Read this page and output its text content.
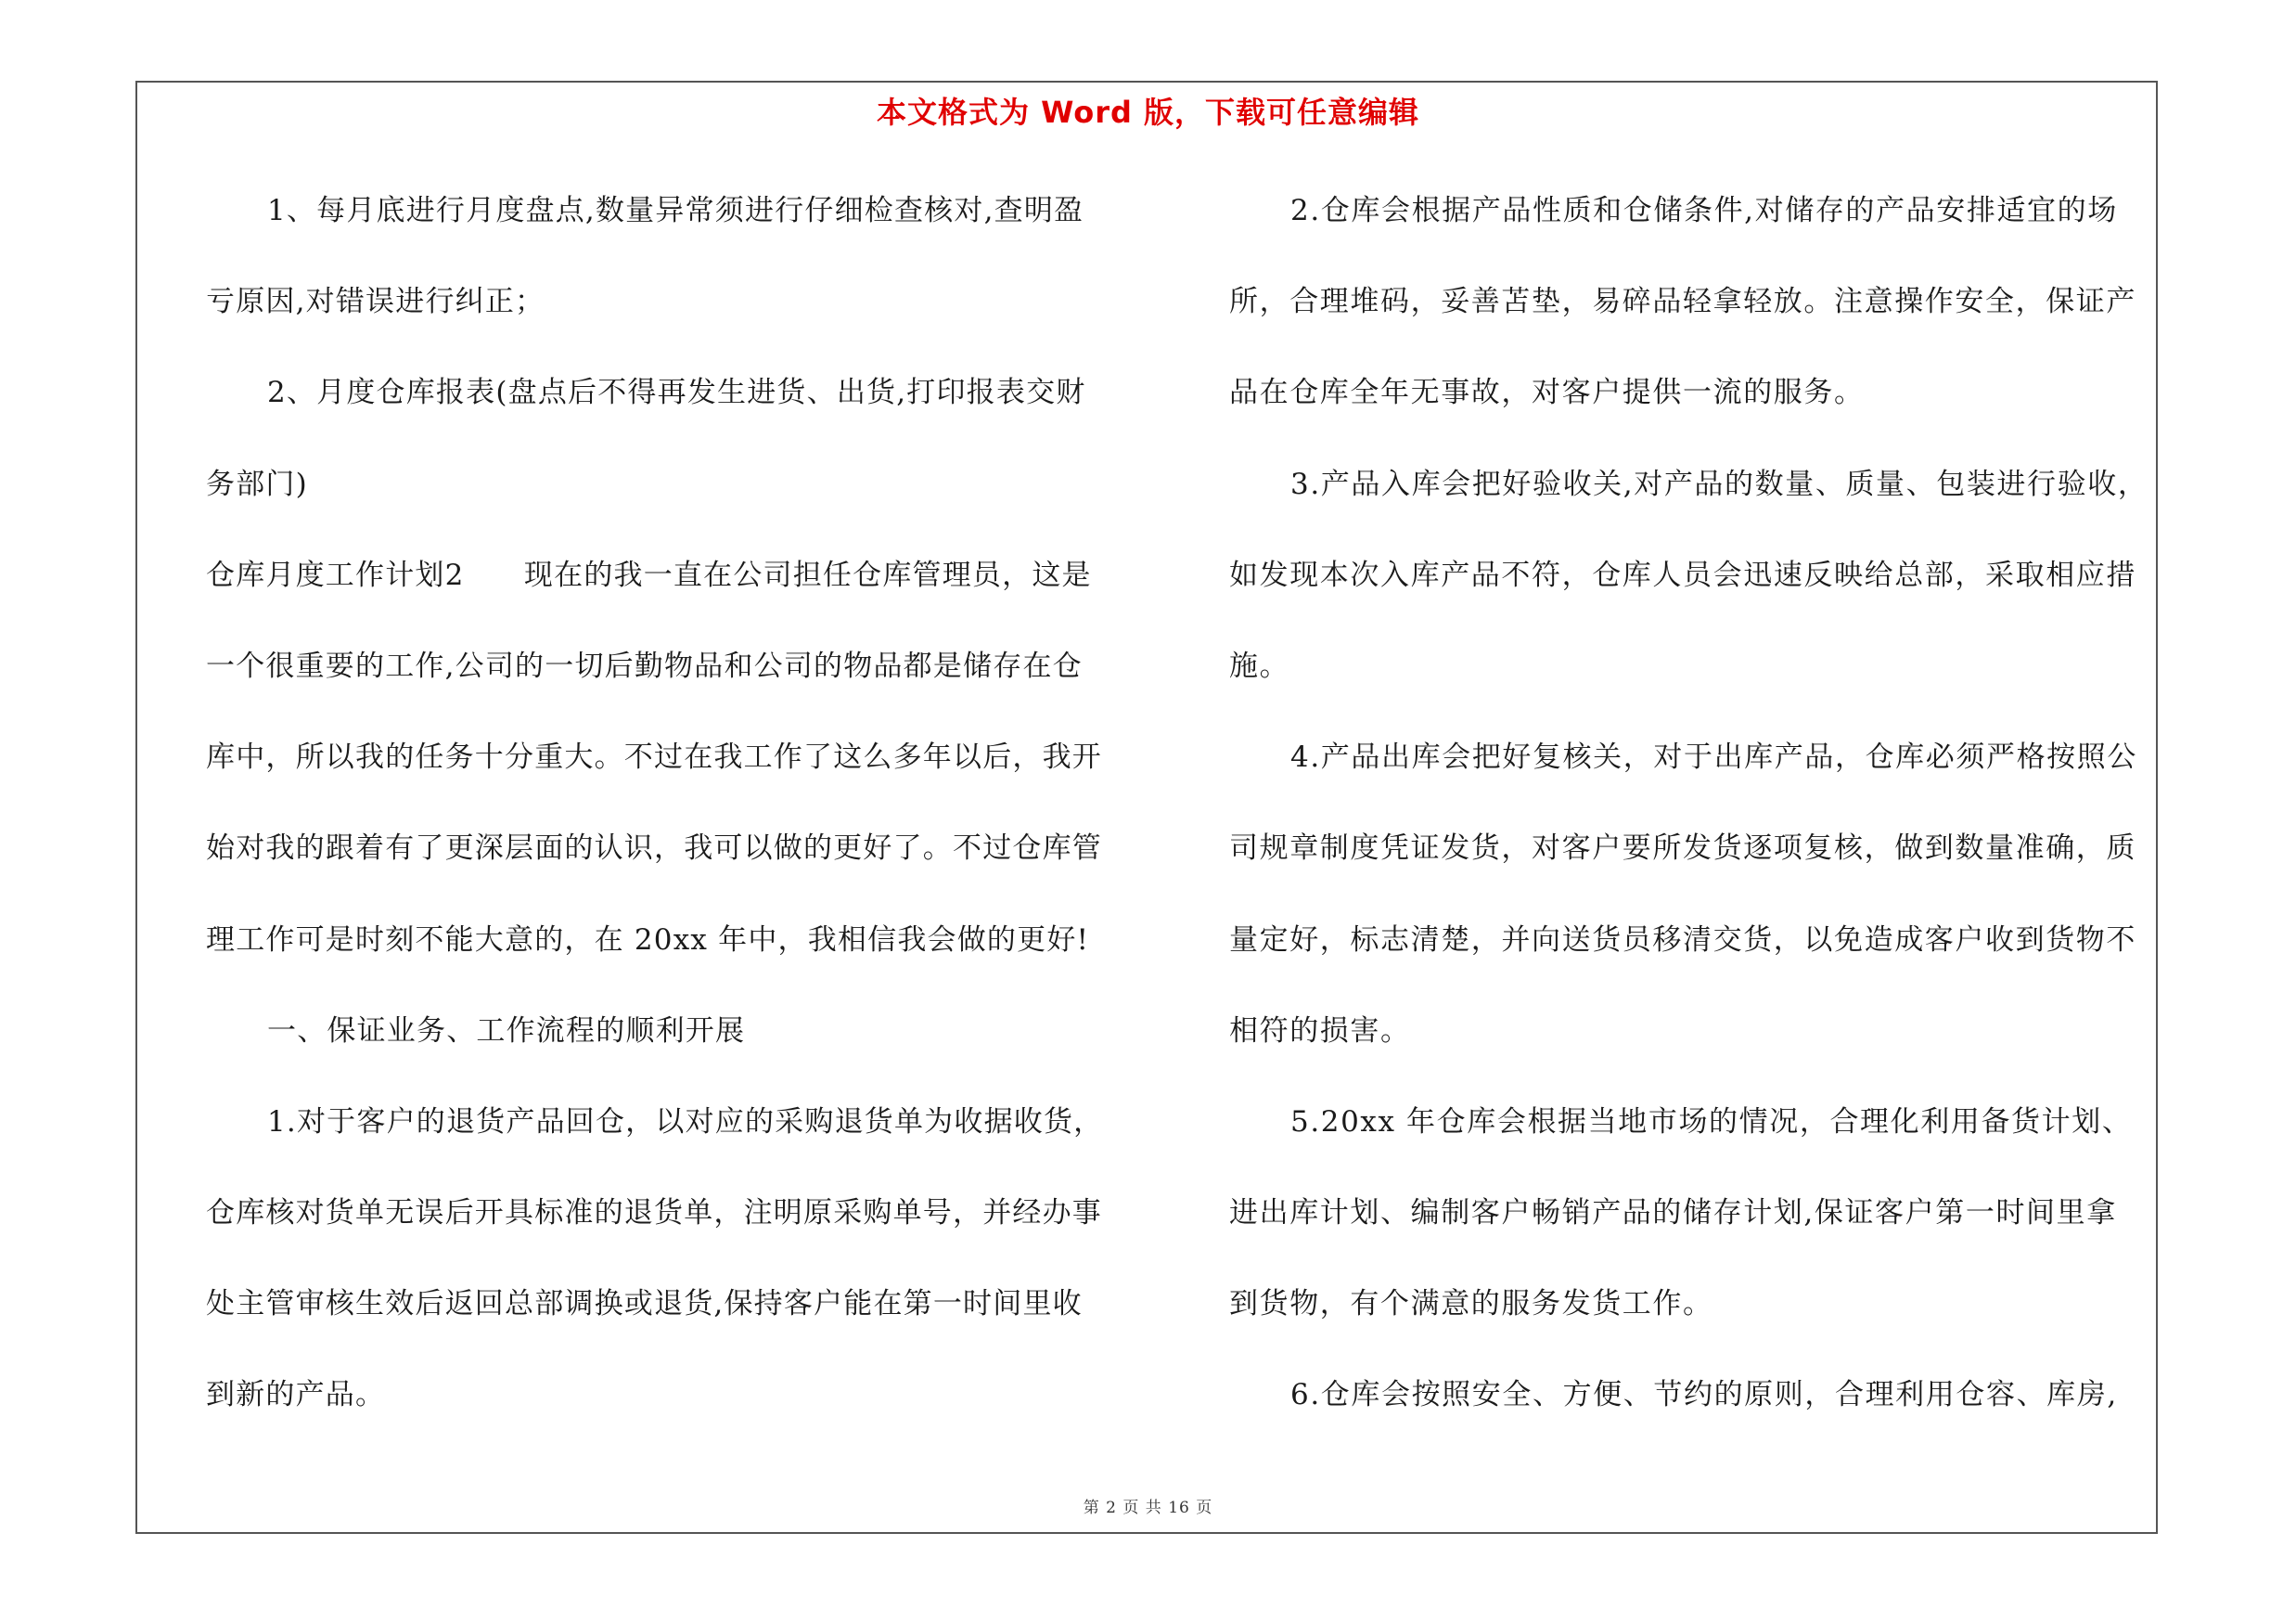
本文格式为 Word 版，下载可任意编辑
1、每月底进行月度盘点,数量异常须进行仔细检查核对,查明盈
亏原因,对错误进行纠正；
2、月度仓库报表(盘点后不得再发生进货、出货,打印报表交财
务部门)
仓库月度工作计划2　　现在的我一直在公司担任仓库管理员，这是
一个很重要的工作,公司的一切后勤物品和公司的物品都是储存在仓
库中，所以我的任务十分重大。不过在我工作了这么多年以后，我开
始对我的跟着有了更深层面的认识，我可以做的更好了。不过仓库管
理工作可是时刻不能大意的，在 20xx 年中，我相信我会做的更好!
一、保证业务、工作流程的顺利开展
1.对于客户的退货产品回仓，以对应的采购退货单为收据收货，
仓库核对货单无误后开具标准的退货单，注明原采购单号，并经办事
处主管审核生效后返回总部调换或退货,保持客户能在第一时间里收
到新的产品。
2.仓库会根据产品性质和仓储条件,对储存的产品安排适宜的场
所，合理堆码，妥善苫垫，易碎品轻拿轻放。注意操作安全，保证产
品在仓库全年无事故，对客户提供一流的服务。
3.产品入库会把好验收关,对产品的数量、质量、包装进行验收，
如发现本次入库产品不符，仓库人员会迅速反映给总部，采取相应措
施。
4.产品出库会把好复核关，对于出库产品，仓库必须严格按照公
司规章制度凭证发货，对客户要所发货逐项复核，做到数量准确，质
量定好，标志清楚，并向送货员移清交货，以免造成客户收到货物不
相符的损害。
5.20xx 年仓库会根据当地市场的情况，合理化利用备货计划、
进出库计划、编制客户畅销产品的储存计划,保证客户第一时间里拿
到货物，有个满意的服务发货工作。
6.仓库会按照安全、方便、节约的原则，合理利用仓容、库房,
第 2 页 共 16 页
